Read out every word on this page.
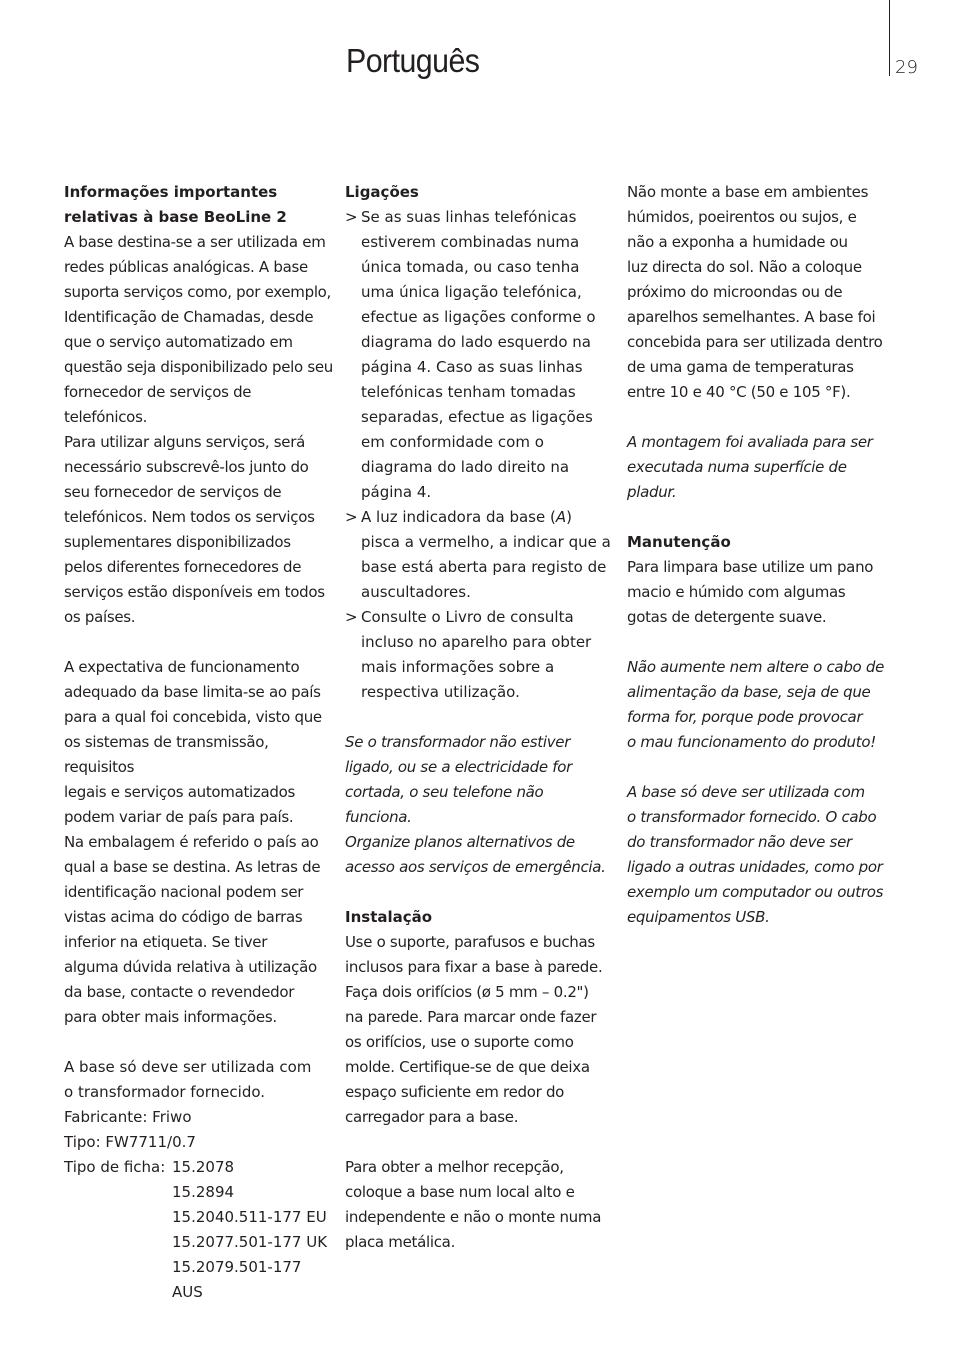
Português	29
Informações importantes
relativas à base BeoLine 2

A base destina-se a ser utilizada em
redes públicas analógicas. A base
suporta serviços como, por exemplo,
Identificação de Chamadas, desde
que o serviço automatizado em
questão seja disponibilizado pelo seu
fornecedor de serviços de telefónicos.
Para utilizar alguns serviços, será
necessário subscrevê-los junto do
seu fornecedor de serviços de
telefónicos. Nem todos os serviços
suplementares disponibilizados
pelos diferentes fornecedores de
serviços estão disponíveis em todos
os países.

A expectativa de funcionamento
adequado da base limita-se ao país
para a qual foi concebida, visto que
os sistemas de transmissão, requisitos
legais e serviços automatizados
podem variar de país para país.
Na embalagem é referido o país ao
qual a base se destina. As letras de
identificação nacional podem ser
vistas acima do código de barras
inferior na etiqueta. Se tiver
alguma dúvida relativa à utilização
da base, contacte o revendedor
para obter mais informações.

A base só deve ser utilizada com
o transformador fornecido.
Fabricante: Friwo
Tipo: FW7711/0.7

Tipo de ficha: 15.2078
15.2894
15.2040.511-177 EU
15.2077.501-177 UK
15.2079.501-177 AUS
Ligações
> Se as suas linhas telefónicas
estiverem combinadas numa
única tomada, ou caso tenha
uma única ligação telefónica,
efectue as ligações conforme o
diagrama do lado esquerdo na
página 4. Caso as suas linhas
telefónicas tenham tomadas
separadas, efectue as ligações
em conformidade com o
diagrama do lado direito na
página 4.
> A luz indicadora da base (A)
pisca a vermelho, a indicar que a
base está aberta para registo de
auscultadores.
> Consulte o Livro de consulta
incluso no aparelho para obter
mais informações sobre a
respectiva utilização.

Se o transformador não estiver
ligado, ou se a electricidade for
cortada, o seu telefone não funciona.
Organize planos alternativos de
acesso aos serviços de emergência.

Instalação

Use o suporte, parafusos e buchas
inclusos para fixar a base à parede.
Faça dois orifícios (ø 5 mm – 0.2")
na parede. Para marcar onde fazer
os orifícios, use o suporte como
molde. Certifique-se de que deixa
espaço suficiente em redor do
carregador para a base.

Para obter a melhor recepção,
coloque a base num local alto e
independente e não o monte numa
placa metálica.

Não monte a base em ambientes
húmidos, poeirentos ou sujos, e
não a exponha a humidade ou
luz directa do sol. Não a coloque
próximo do microondas ou de
aparelhos semelhantes. A base foi
concebida para ser utilizada dentro
de uma gama de temperaturas
entre 10 e 40 °C (50 e 105 °F).

A montagem foi avaliada para ser
executada numa superfície de
pladur.

Manutenção

Para limpara base utilize um pano
macio e húmido com algumas
gotas de detergente suave.

Não aumente nem altere o cabo de
alimentação da base, seja de que
forma for, porque pode provocar
o mau funcionamento do produto!

A base só deve ser utilizada com
o transformador fornecido. O cabo
do transformador não deve ser
ligado a outras unidades, como por
exemplo um computador ou outros
equipamentos USB.
